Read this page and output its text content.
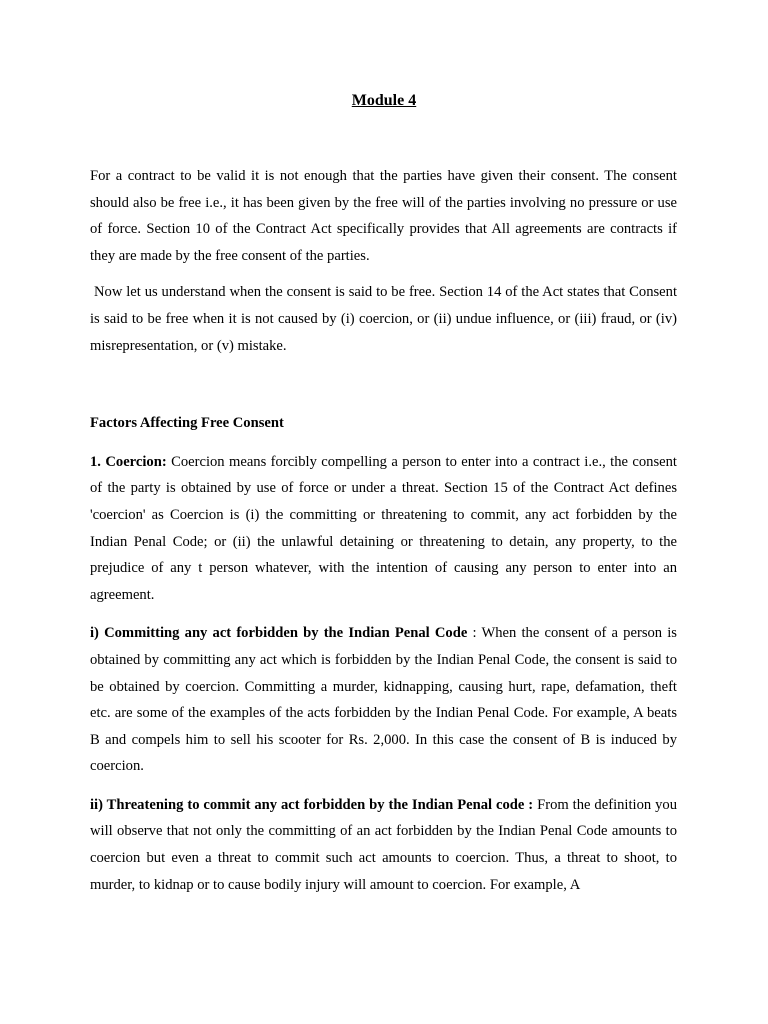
Module 4

For a contract to be valid it is not enough that the parties have given their consent. The consent should also be free i.e., it has been given by the free will of the parties involving no pressure or use of force. Section 10 of the Contract Act specifically provides that All agreements are contracts if they are made by the free consent of the parties.

Now let us understand when the consent is said to be free. Section 14 of the Act states that Consent is said to be free when it is not caused by (i) coercion, or (ii) undue influence, or (iii) fraud, or (iv) misrepresentation, or (v) mistake.

Factors Affecting Free Consent

1. Coercion: Coercion means forcibly compelling a person to enter into a contract i.e., the consent of the party is obtained by use of force or under a threat. Section 15 of the Contract Act defines 'coercion' as Coercion is (i) the committing or threatening to commit, any act forbidden by the Indian Penal Code; or (ii) the unlawful detaining or threatening to detain, any property, to the prejudice of any t person whatever, with the intention of causing any person to enter into an agreement.

i) Committing any act forbidden by the Indian Penal Code : When the consent of a person is obtained by committing any act which is forbidden by the Indian Penal Code, the consent is said to be obtained by coercion. Committing a murder, kidnapping, causing hurt, rape, defamation, theft etc. are some of the examples of the acts forbidden by the Indian Penal Code. For example, A beats B and compels him to sell his scooter for Rs. 2,000. In this case the consent of B is induced by coercion.

ii) Threatening to commit any act forbidden by the Indian Penal code : From the definition you will observe that not only the committing of an act forbidden by the Indian Penal Code amounts to coercion but even a threat to commit such act amounts to coercion. Thus, a threat to shoot, to murder, to kidnap or to cause bodily injury will amount to coercion. For example, A
